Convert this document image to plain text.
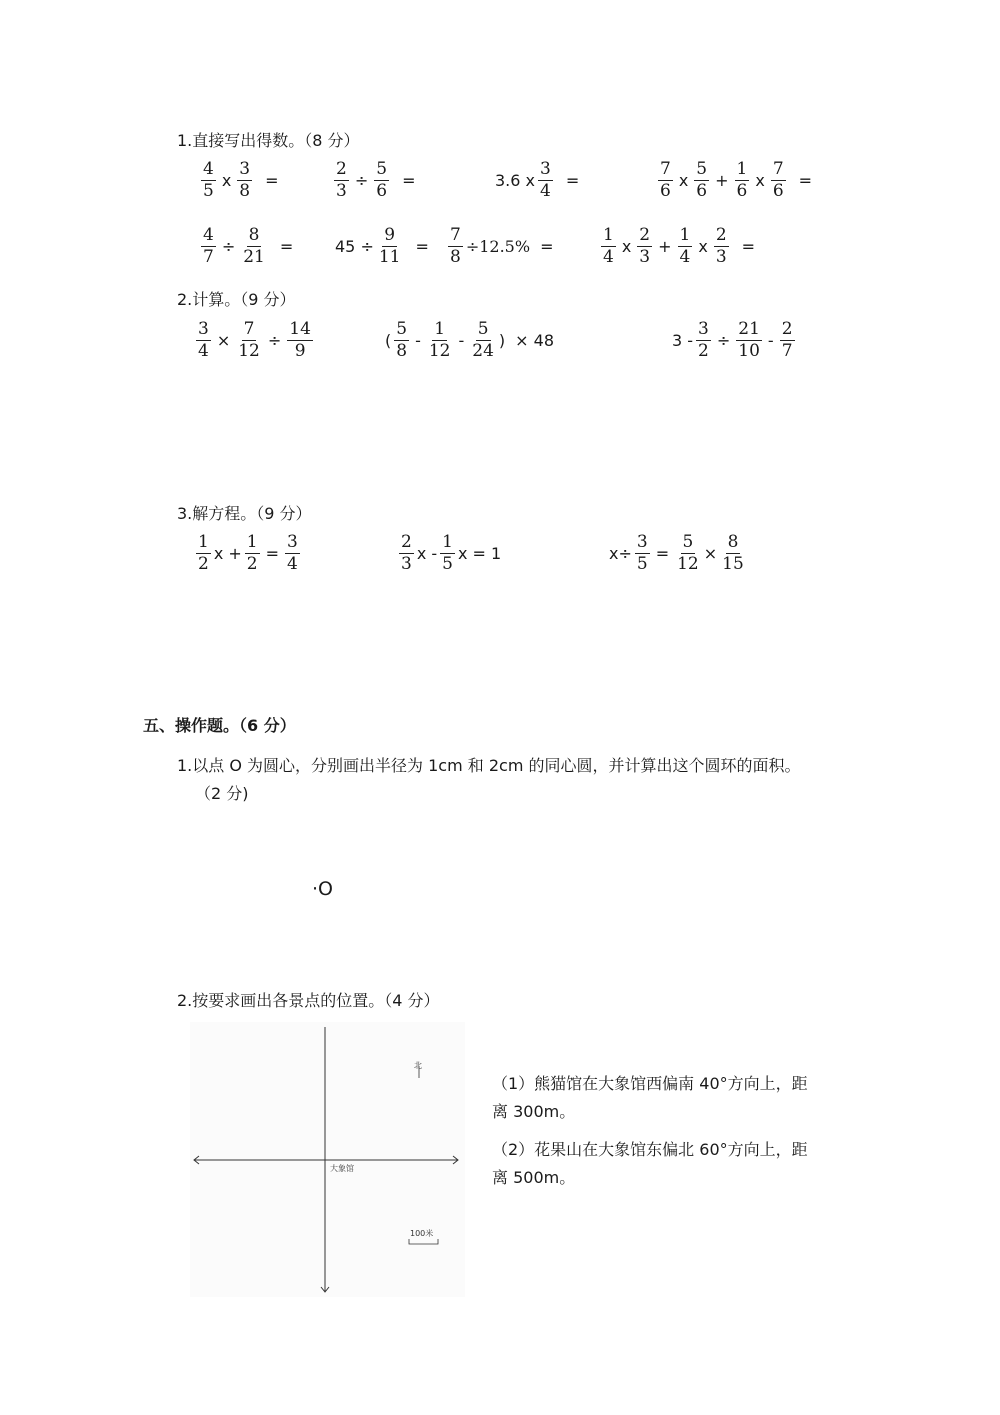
1.直接写出得数。（8 分）
$\frac{4}{5}$ x $\frac{3}{8}$ =	$\frac{2}{3} \div \frac{5}{6}$ =	3.6 x $\frac{3}{4}$ =	$\frac{7}{6}$ x $\frac{5}{6} + \frac{1}{6}$ x $\frac{7}{6}$ =
$\frac{4}{7} \div \frac{8}{21}$ =	$45 \div \frac{9}{11} = \frac{7}{8} \div 12.5\%$ =	$\frac{1}{4}$ x $\frac{2}{3} + \frac{1}{4}$ x $\frac{2}{3}$ =
2.计算。（9 分）
$\frac{3}{4} \times \frac{7}{12} \div \frac{14}{9}$	( $\frac{5}{8} - \frac{1}{12} - \frac{5}{24}$ ) × 48	$3 - \frac{3}{2} \div \frac{21}{10} - \frac{2}{7}$
3.解方程。（9 分）
$\frac{1}{2}$ $x + \frac{1}{2} = \frac{3}{4}$	$\frac{2}{3}$ x - $\frac{1}{5}$ x = 1	$x\div \frac{3}{5} = \frac{5}{12} \times \frac{8}{15}$
五、操作题。（6 分）
1.以点 O 为圆心，分别画出半径为 1cm 和 2cm 的同心圆，并计算出这个圆环的面积。
（2 分)
·O
2.按要求画出各景点的位置。（4 分）
北
大象馆
100米
（1）熊猫馆在大象馆西偏南 40°方向上，距
离 300m。
（2）花果山在大象馆东偏北 60°方向上，距
离 500m。
